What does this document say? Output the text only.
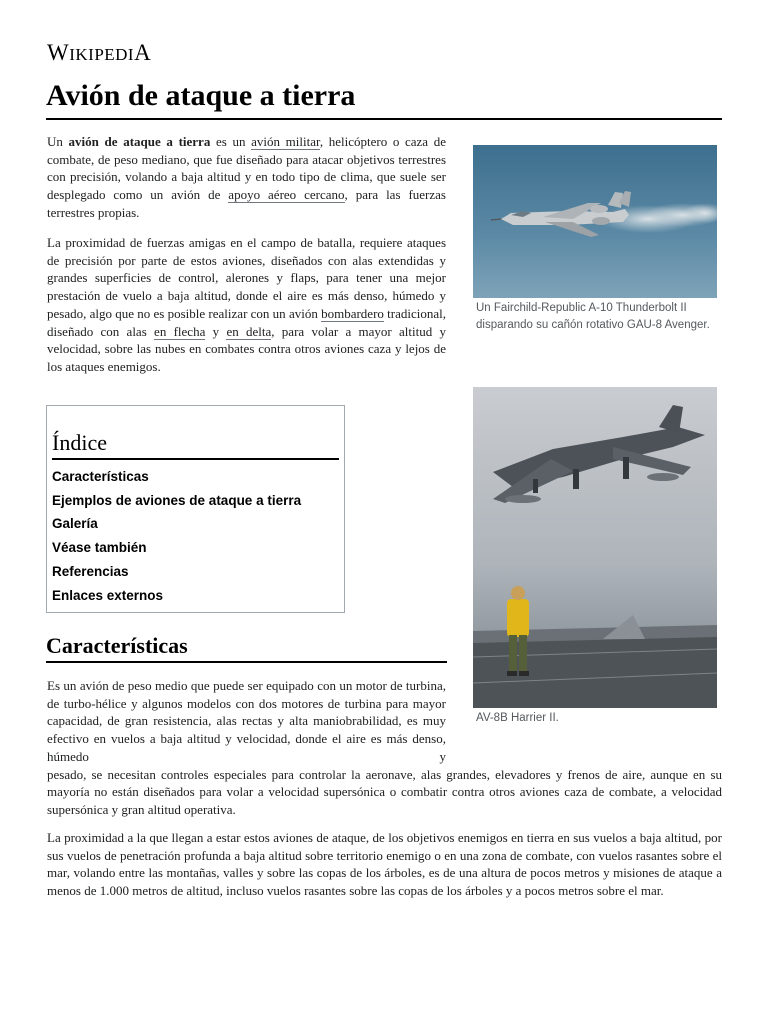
WIKIPEDIA
Avión de ataque a tierra

Un avión de ataque a tierra es un avión militar, helicóptero o caza de combate, de peso mediano, que fue diseñado para atacar objetivos terrestres con precisión, volando a baja altitud y en todo tipo de clima, que suele ser desplegado como un avión de apoyo aéreo cercano, para las fuerzas terrestres propias.

La proximidad de fuerzas amigas en el campo de batalla, requiere ataques de precisión por parte de estos aviones, diseñados con alas extendidas y grandes superficies de control, alerones y flaps, para tener una mejor prestación de vuelo a baja altitud, donde el aire es más denso, húmedo y pesado, algo que no es posible realizar con un avión bombardero tradicional, diseñado con alas en flecha y en delta, para volar a mayor altitud y velocidad, sobre las nubes en combates contra otros aviones caza y lejos de los ataques enemigos.

Índice
Características
Ejemplos de aviones de ataque a tierra
Galería
Véase también
Referencias
Enlaces externos
Características

Es un avión de peso medio que puede ser equipado con un motor de turbina, de turbo-hélice y algunos modelos con dos motores de turbina para mayor capacidad, de gran resistencia, alas rectas y alta maniobrabilidad, es muy efectivo en vuelos a baja altitud y velocidad, donde el aire es más denso, húmedo y
pesado, se necesitan controles especiales para controlar la aeronave, alas grandes, elevadores y frenos de aire, aunque en su mayoría no están diseñados para volar a velocidad supersónica o combatir contra otros aviones caza de combate, a velocidad supersónica y gran altitud operativa.

La proximidad a la que llegan a estar estos aviones de ataque, de los objetivos enemigos en tierra en sus vuelos a baja altitud, por sus vuelos de penetración profunda a baja altitud sobre territorio enemigo o en una zona de combate, con vuelos rasantes sobre el mar, volando entre las montañas, valles y sobre las copas de los árboles, es de una altura de pocos metros y misiones de ataque a menos de 1.000 metros de altitud, incluso vuelos rasantes sobre las copas de los árboles y a pocos metros sobre el mar.

Un Fairchild-Republic A-10 Thunderbolt II disparando su cañón rotativo GAU-8 Avenger.
AV-8B Harrier II.
